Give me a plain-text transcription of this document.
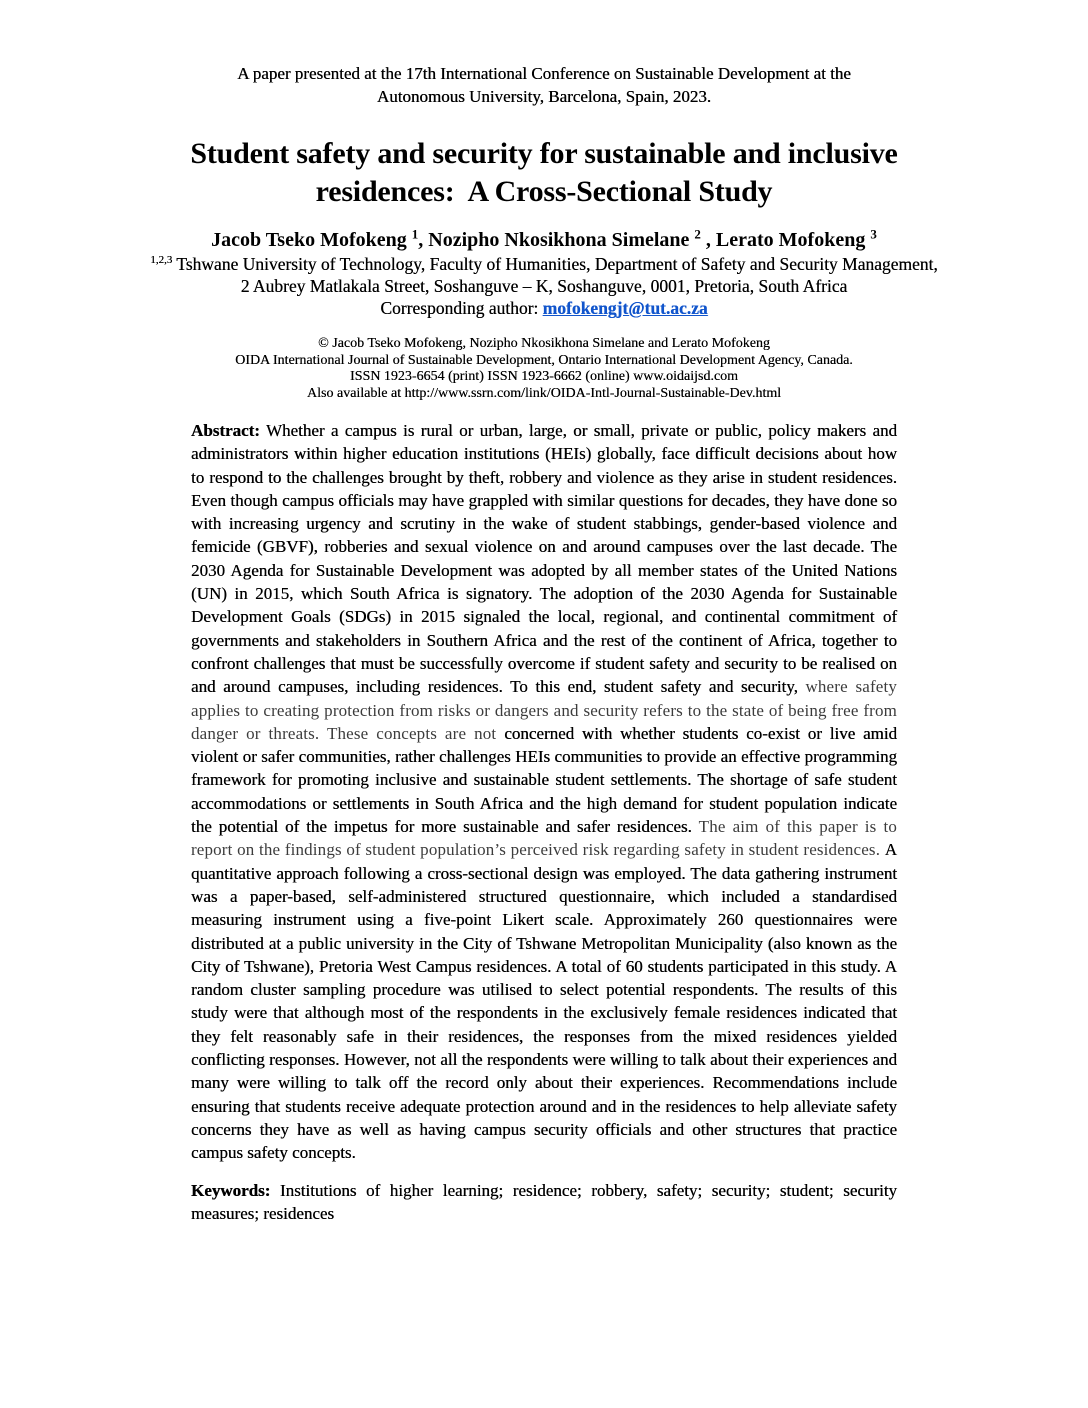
A paper presented at the 17th International Conference on Sustainable Development at the
Autonomous University, Barcelona, Spain, 2023.
Student safety and security for sustainable and inclusive
residences:  A Cross-Sectional Study
Jacob Tseko Mofokeng $^1$, Nozipho Nkosikhona Simelane $^2$ , Lerato Mofokeng $^3$
$^{1,2,3}$ Tshwane University of Technology, Faculty of Humanities, Department of Safety and Security Management,
2 Aubrey Matlakala Street, Soshanguve – K, Soshanguve, 0001, Pretoria, South Africa
Corresponding author: mofokengjt@tut.ac.za
© Jacob Tseko Mofokeng, Nozipho Nkosikhona Simelane and Lerato Mofokeng
OIDA International Journal of Sustainable Development, Ontario International Development Agency, Canada.
ISSN 1923-6654 (print) ISSN 1923-6662 (online) www.oidaijsd.com
Also available at http://www.ssrn.com/link/OIDA-Intl-Journal-Sustainable-Dev.html

Abstract: Whether a campus is rural or urban, large, or small, private or public, policy makers and administrators within higher education institutions (HEIs) globally, face difficult decisions about how to respond to the challenges brought by theft, robbery and violence as they arise in student residences. Even though campus officials may have grappled with similar questions for decades, they have done so with increasing urgency and scrutiny in the wake of student stabbings, gender-based violence and femicide (GBVF), robberies and sexual violence on and around campuses over the last decade. The 2030 Agenda for Sustainable Development was adopted by all member states of the United Nations (UN) in 2015, which South Africa is signatory. The adoption of the 2030 Agenda for Sustainable Development Goals (SDGs) in 2015 signaled the local, regional, and continental commitment of governments and stakeholders in Southern Africa and the rest of the continent of Africa, together to confront challenges that must be successfully overcome if student safety and security to be realised on and around campuses, including residences. To this end, student safety and security, where safety applies to creating protection from risks or dangers and security refers to the state of being free from danger or threats. These concepts are not concerned with whether students co-exist or live amid violent or safer communities, rather challenges HEIs communities to provide an effective programming framework for promoting inclusive and sustainable student settlements. The shortage of safe student accommodations or settlements in South Africa and the high demand for student population indicate the potential of the impetus for more sustainable and safer residences. The aim of this paper is to report on the findings of student population’s perceived risk regarding safety in student residences. A quantitative approach following a cross-sectional design was employed. The data gathering instrument was a paper-based, self-administered structured questionnaire, which included a standardised measuring instrument using a five-point Likert scale. Approximately 260 questionnaires were distributed at a public university in the City of Tshwane Metropolitan Municipality (also known as the City of Tshwane), Pretoria West Campus residences. A total of 60 students participated in this study. A random cluster sampling procedure was utilised to select potential respondents. The results of this study were that although most of the respondents in the exclusively female residences indicated that they felt reasonably safe in their residences, the responses from the mixed residences yielded conflicting responses. However, not all the respondents were willing to talk about their experiences and many were willing to talk off the record only about their experiences. Recommendations include ensuring that students receive adequate protection around and in the residences to help alleviate safety concerns they have as well as having campus security officials and other structures that practice campus safety concepts.

Keywords: Institutions of higher learning; residence; robbery, safety; security; student; security measures; residences
